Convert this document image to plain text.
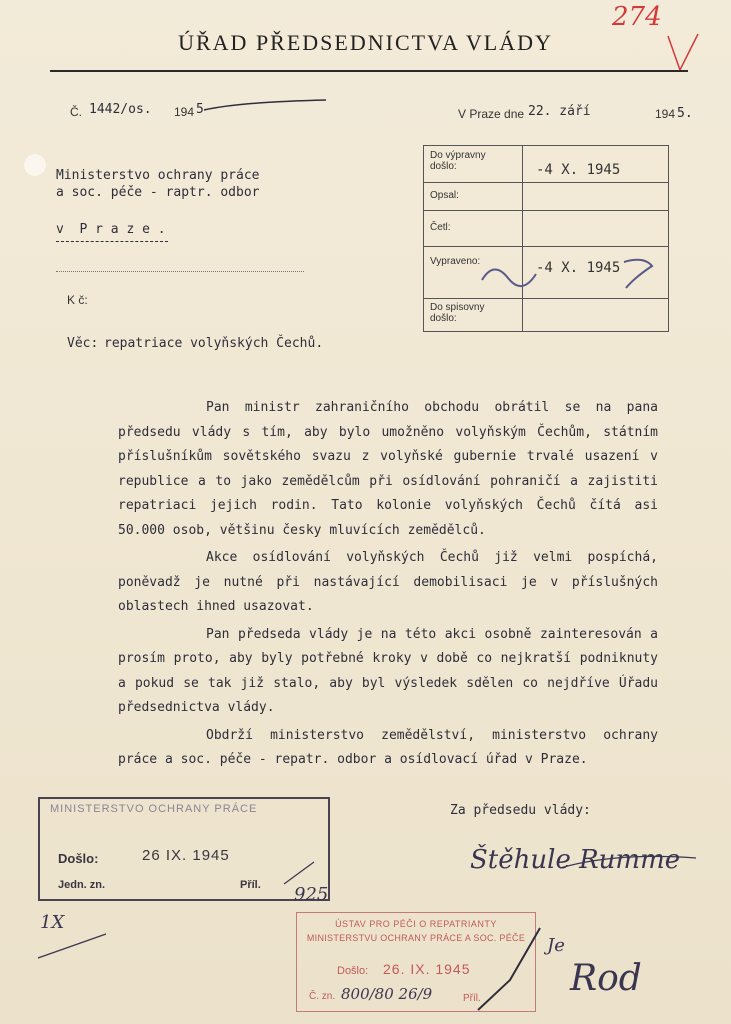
274
ÚŘAD PŘEDSEDNICTVA VLÁDY
Č. 1442/os. 194 5	V Praze dne 22. září	194 5.
Ministerstvo ochrany práce
a soc. péče - raptr. odbor
v  P r a z e .
K č:
Do výpravny
došlo:	-4 X. 1945
Opsal:
Četl:
Vypraveno:	-4 X. 1945
Do spisovny
došlo:
Věc: repatriace volyňských Čechů.

Pan ministr zahraničního obchodu obrátil se na pana předsedu vlády s tím, aby bylo umožněno volyňským Čechům, státním příslušníkům sovětského svazu z volyňské gubernie trvalé usazení v republice a to jako zemědělcům při osídlování pohraničí a zajistiti repatriaci jejich rodin. Tato kolonie volyňských Čechů čítá asi 50.000 osob, většinu česky mluvících zemědělců.

Akce osídlování volyňských Čechů již velmi pospíchá, poněvadž je nutné při nastávající demobilisaci je v příslušných oblastech ihned usazovat.

Pan předseda vlády je na této akci osobně zainteresován a prosím proto, aby byly potřebné kroky v době co nejkratší podniknuty a pokud se tak již stalo, aby byl výsledek sdělen co nejdříve Úřadu předsednictva vlády.

Obdrží ministerstvo zemědělství, ministerstvo ochrany práce a soc. péče - repatr. odbor a osídlovací úřad v Praze.

Za předsedu vlády:
Štěhule Rumme
MINISTERSTVO OCHRANY PRÁCE
Došlo:	26 IX. 1945
Jedn. zn.	Příl. 925
1X	ÚSTAV PRO PÉČI O REPATRIANTY
MINISTERSTVU OCHRANY PRÁCE A SOC. PÉČE
Došlo: 26. IX. 1945
Č. zn. 800/80 26/9	Příl.
Je
Rod
